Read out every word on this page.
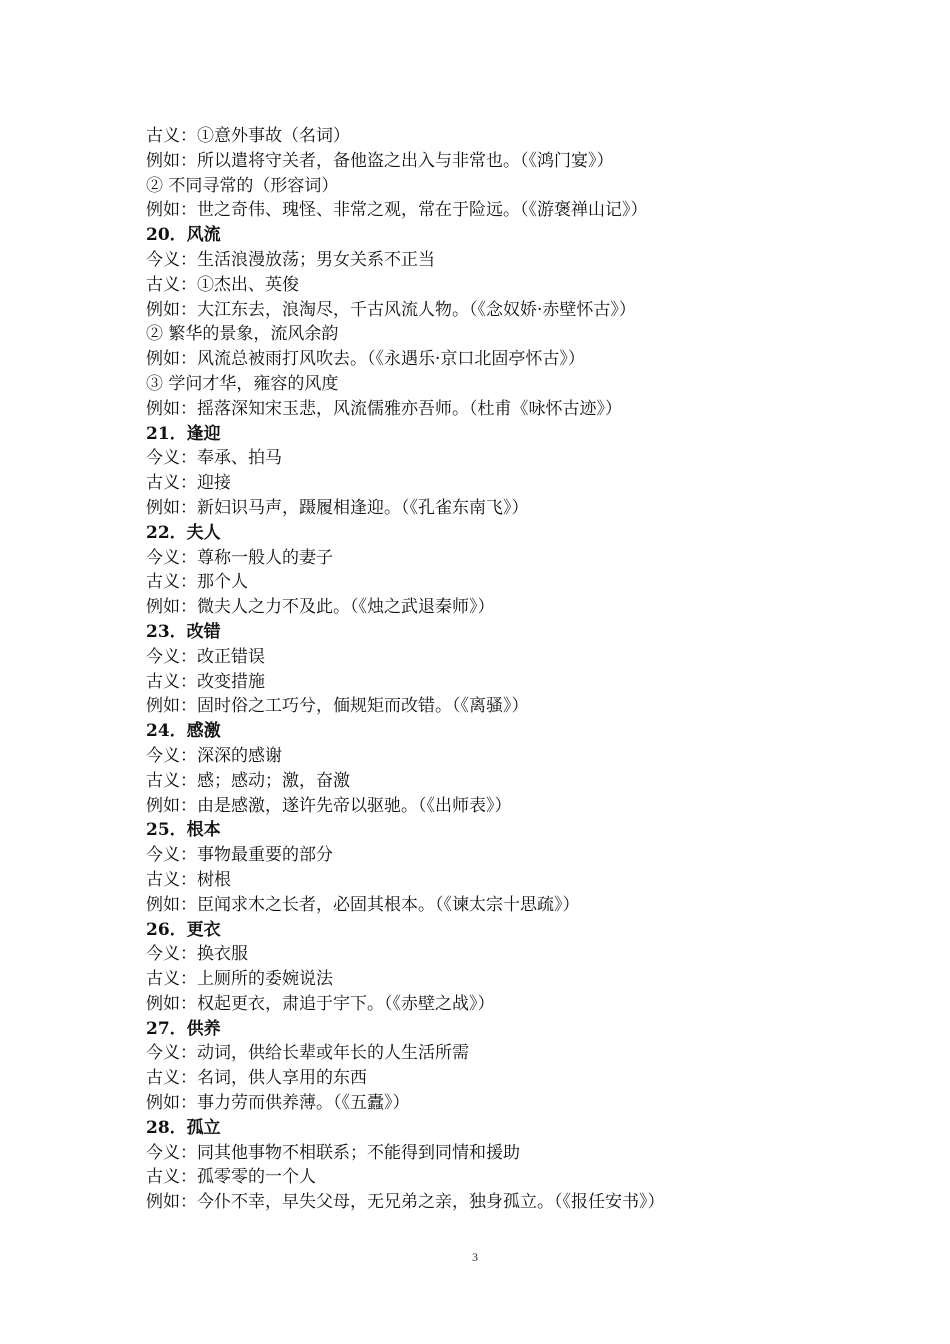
古义：①意外事故（名词）
例如：所以遣将守关者，备他盗之出入与非常也。（《鸿门宴》）
② 不同寻常的（形容词）
例如：世之奇伟、瑰怪、非常之观，常在于险远。（《游褒禅山记》）
20．风流
今义：生活浪漫放荡；男女关系不正当
古义：①杰出、英俊
例如：大江东去，浪淘尽，千古风流人物。（《念奴娇·赤壁怀古》）
② 繁华的景象，流风余韵
例如：风流总被雨打风吹去。（《永遇乐·京口北固亭怀古》）
③ 学问才华，雍容的风度
例如：摇落深知宋玉悲，风流儒雅亦吾师。（杜甫《咏怀古迹》）
21．逢迎
今义：奉承、拍马
古义：迎接
例如：新妇识马声，蹑履相逢迎。（《孔雀东南飞》）
22．夫人
今义：尊称一般人的妻子
古义：那个人
例如：微夫人之力不及此。（《烛之武退秦师》）
23．改错
今义：改正错误
古义：改变措施
例如：固时俗之工巧兮，偭规矩而改错。（《离骚》）
24．感激
今义：深深的感谢
古义：感；感动；激，奋激
例如：由是感激，遂许先帝以驱驰。（《出师表》）
25．根本
今义：事物最重要的部分
古义：树根
例如：臣闻求木之长者，必固其根本。（《谏太宗十思疏》）
26．更衣
今义：换衣服
古义：上厕所的委婉说法
例如：权起更衣，肃追于宇下。（《赤壁之战》）
27．供养
今义：动词，供给长辈或年长的人生活所需
古义：名词，供人享用的东西
例如：事力劳而供养薄。（《五蠹》）
28．孤立
今义：同其他事物不相联系；不能得到同情和援助
古义：孤零零的一个人
例如：今仆不幸，早失父母，无兄弟之亲，独身孤立。（《报任安书》）
3
